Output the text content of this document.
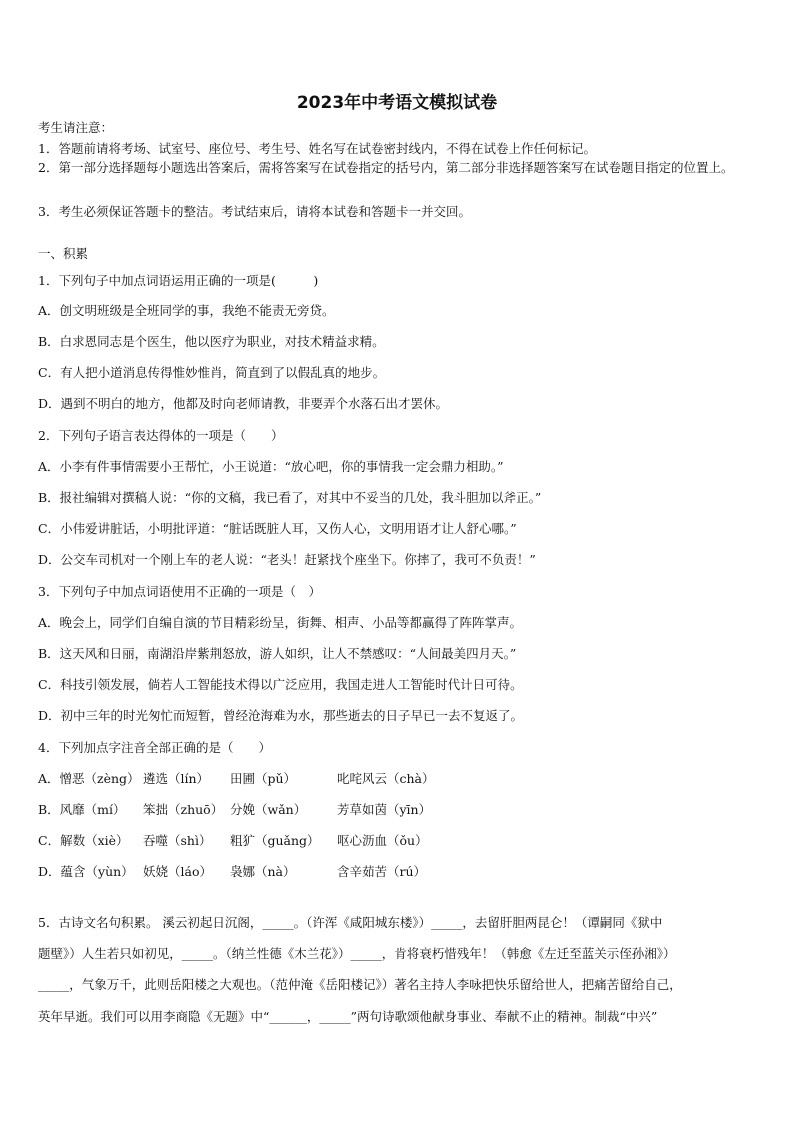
2023年中考语文模拟试卷
考生请注意：
1．答题前请将考场、试室号、座位号、考生号、姓名写在试卷密封线内，不得在试卷上作任何标记。
2．第一部分选择题每小题选出答案后，需将答案写在试卷指定的括号内，第二部分非选择题答案写在试卷题目指定的位置上。
3．考生必须保证答题卡的整洁。考试结束后，请将本试卷和答题卡一并交回。
一、积累
1．下列句子中加点词语运用正确的一项是(　　　)
A．创文明班级是全班同学的事，我绝不能责无旁贷。
B．白求恩同志是个医生，他以医疗为职业，对技术精益求精。
C．有人把小道消息传得惟妙惟肖，简直到了以假乱真的地步。
D．遇到不明白的地方，他都及时向老师请教，非要弄个水落石出才罢休。
2．下列句子语言表达得体的一项是（　　）
A．小李有件事情需要小王帮忙，小王说道：“放心吧，你的事情我一定会鼎力相助。”
B．报社编辑对撰稿人说：“你的文稿，我已看了，对其中不妥当的几处，我斗胆加以斧正。”
C．小伟爱讲脏话，小明批评道：“脏话既脏人耳，又伤人心，文明用语才让人舒心哪。”
D．公交车司机对一个刚上车的老人说：“老头！赶紧找个座坐下。你摔了，我可不负责！”
3．下列句子中加点词语使用不正确的一项是（　）
A．晚会上，同学们自编自演的节目精彩纷呈，街舞、相声、小品等都赢得了阵阵掌声。
B．这天风和日丽，南湖沿岸紫荆怒放，游人如织，让人不禁感叹：“人间最美四月天。”
C．科技引领发展，倘若人工智能技术得以广泛应用，我国走进人工智能时代计日可待。
D．初中三年的时光匆忙而短暂，曾经沧海难为水，那些逝去的日子早已一去不复返了。
4．下列加点字注音全部正确的是（　　）
A．憎恶（zèng） 遴选（lín） 田圃（pǔ）	叱咤风云（chà）
B．风靡（mí） 笨拙（zhuō） 分娩（wǎn） 芳草如茵（yīn）
C．解数（xiè） 吞噬（shì） 粗犷（guǎng） 呕心沥血（ǒu）
D．蕴含（yùn） 妖娆（láo） 袅娜（nà）	含辛茹苦（rú）
5．古诗文名句积累。 溪云初起日沉阁，_____。（许浑《咸阳城东楼》）_____，去留肝胆两昆仑！（谭嗣同《狱中
题壁》）人生若只如初见，_____。（纳兰性德《木兰花》）_____，肯将衰朽惜残年！（韩愈《左迁至蓝关示侄孙湘》）
_____，气象万千，此则岳阳楼之大观也。（范仲淹《岳阳楼记》）著名主持人李咏把快乐留给世人，把痛苦留给自己，
英年早逝。我们可以用李商隐《无题》中“______，_____”两句诗歌颂他献身事业、奉献不止的精神。制裁“中兴”
